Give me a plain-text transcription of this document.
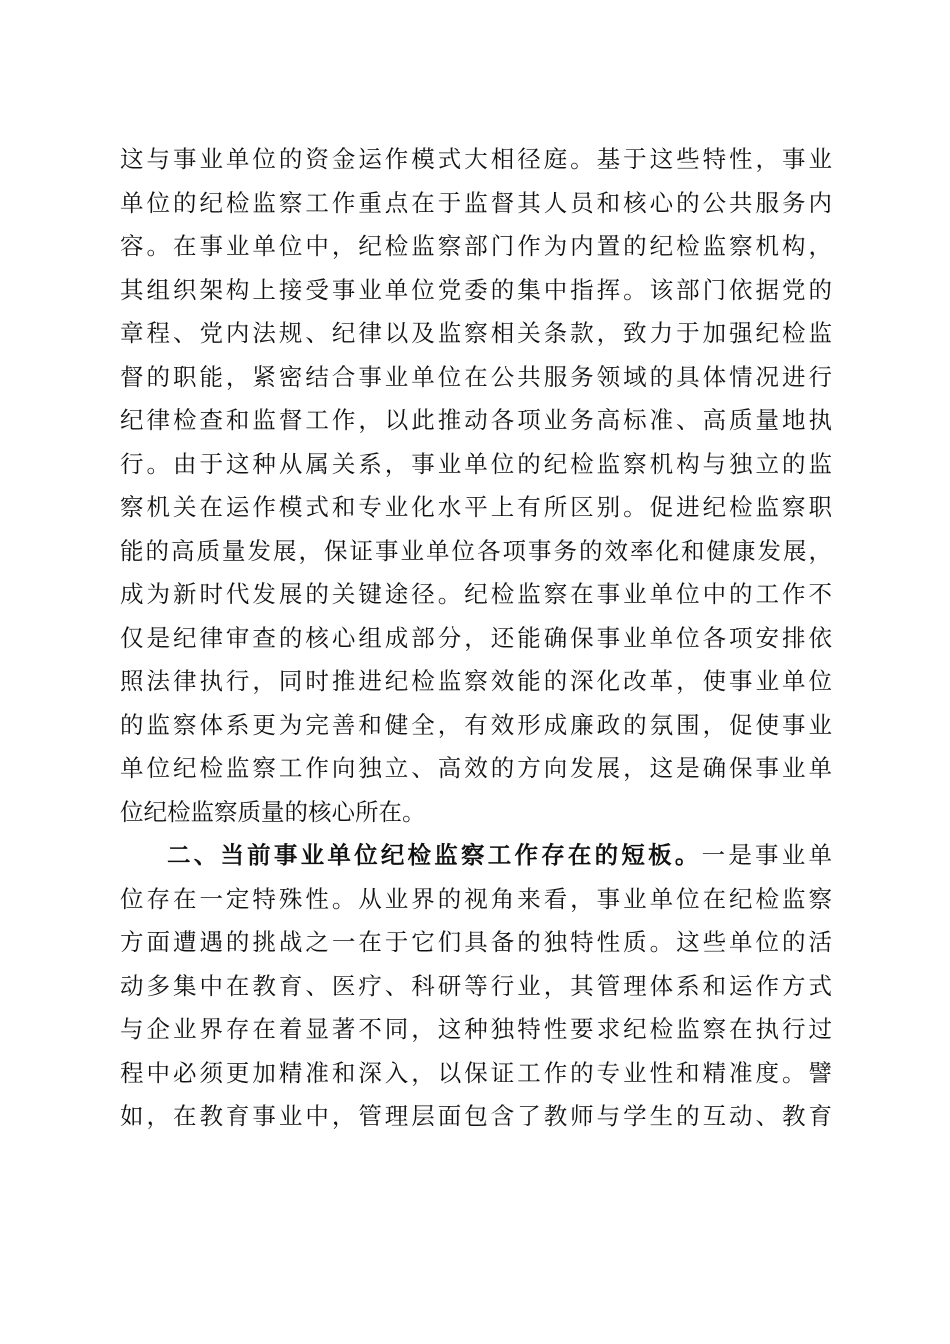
这与事业单位的资金运作模式大相径庭。基于这些特性，事业
单位的纪检监察工作重点在于监督其人员和核心的公共服务内
容。在事业单位中，纪检监察部门作为内置的纪检监察机构，
其组织架构上接受事业单位党委的集中指挥。该部门依据党的
章程、党内法规、纪律以及监察相关条款，致力于加强纪检监
督的职能，紧密结合事业单位在公共服务领域的具体情况进行
纪律检查和监督工作，以此推动各项业务高标准、高质量地执
行。由于这种从属关系，事业单位的纪检监察机构与独立的监
察机关在运作模式和专业化水平上有所区别。促进纪检监察职
能的高质量发展，保证事业单位各项事务的效率化和健康发展，
成为新时代发展的关键途径。纪检监察在事业单位中的工作不
仅是纪律审查的核心组成部分，还能确保事业单位各项安排依
照法律执行，同时推进纪检监察效能的深化改革，使事业单位
的监察体系更为完善和健全，有效形成廉政的氛围，促使事业
单位纪检监察工作向独立、高效的方向发展，这是确保事业单
位纪检监察质量的核心所在。
二、当前事业单位纪检监察工作存在的短板。一是事业单
位存在一定特殊性。从业界的视角来看，事业单位在纪检监察
方面遭遇的挑战之一在于它们具备的独特性质。这些单位的活
动多集中在教育、医疗、科研等行业，其管理体系和运作方式
与企业界存在着显著不同，这种独特性要求纪检监察在执行过
程中必须更加精准和深入，以保证工作的专业性和精准度。譬
如，在教育事业中，管理层面包含了教师与学生的互动、教育
